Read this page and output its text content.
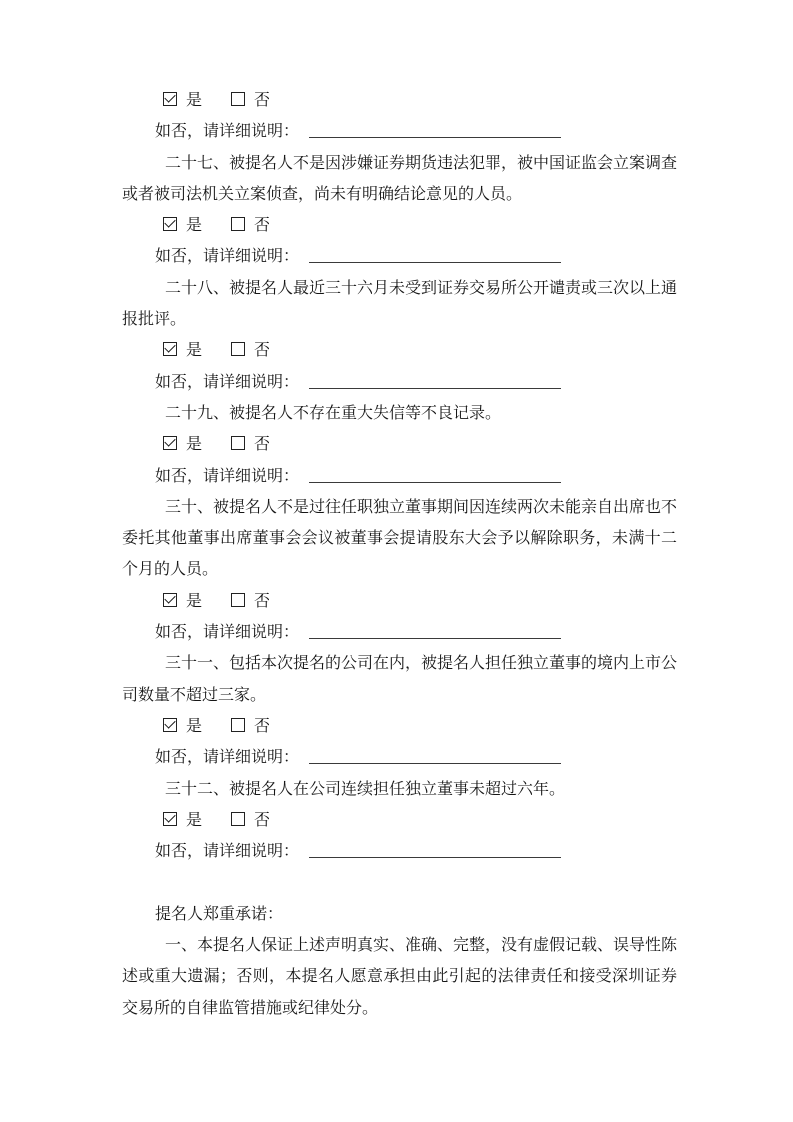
是	否
如否，请详细说明：

二十七、被提名人不是因涉嫌证券期货违法犯罪，被中国证监会立案调查或者被司法机关立案侦查，尚未有明确结论意见的人员。

是	否
如否，请详细说明：

二十八、被提名人最近三十六月未受到证券交易所公开谴责或三次以上通报批评。

是	否
如否，请详细说明：

二十九、被提名人不存在重大失信等不良记录。

是	否
如否，请详细说明：

三十、被提名人不是过往任职独立董事期间因连续两次未能亲自出席也不委托其他董事出席董事会会议被董事会提请股东大会予以解除职务，未满十二个月的人员。

是	否
如否，请详细说明：

三十一、包括本次提名的公司在内，被提名人担任独立董事的境内上市公司数量不超过三家。

是	否
如否，请详细说明：

三十二、被提名人在公司连续担任独立董事未超过六年。

是	否
如否，请详细说明：
提名人郑重承诺：

一、本提名人保证上述声明真实、准确、完整，没有虚假记载、误导性陈述或重大遗漏；否则，本提名人愿意承担由此引起的法律责任和接受深圳证券交易所的自律监管措施或纪律处分。
